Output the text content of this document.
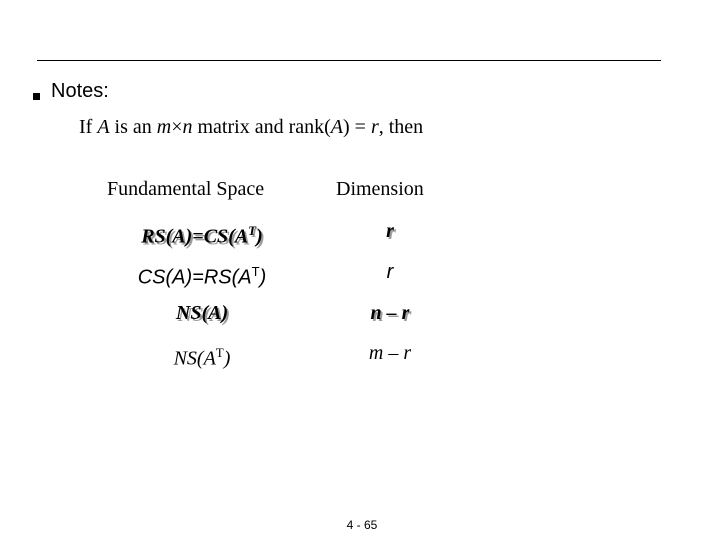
Notes:
If A is an m×n matrix and rank(A) = r, then
Fundamental Space	Dimension
$RS(A)=CS(A^T)$	r
$CS(A)=RS(A^T)$	r
NS(A)	n – r
$NS(A^T)$	m – r
4 - 65
